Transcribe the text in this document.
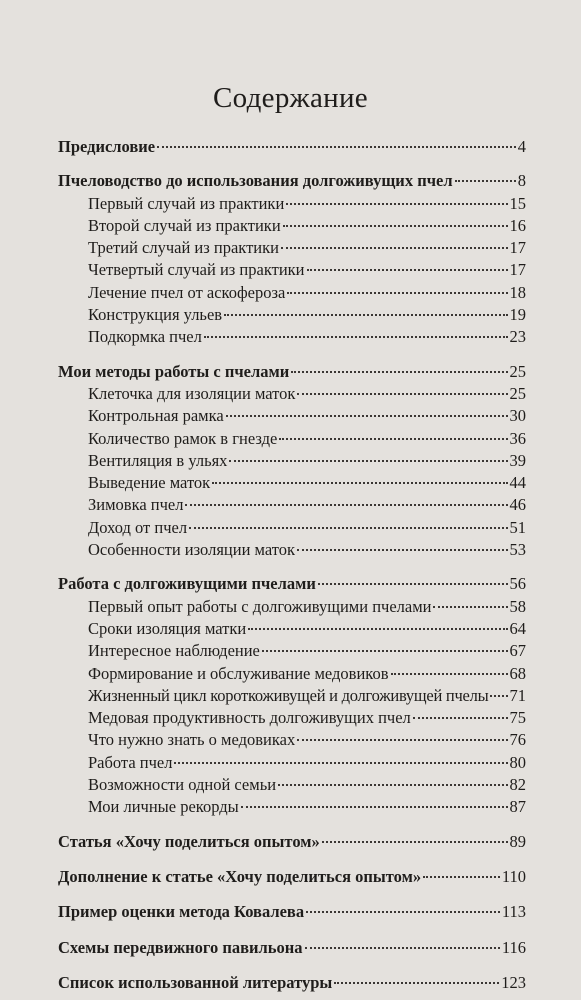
Содержание
Предисловие	4
Пчеловодство до использования долгоживущих пчел	8
Первый случай из практики	15
Второй случай из практики	16
Третий случай из практики	17
Четвертый случай из практики	17
Лечение пчел от аскофероза	18
Конструкция ульев	19
Подкормка пчел	23
Мои методы работы с пчелами	25
Клеточка для изоляции маток	25
Контрольная рамка	30
Количество рамок в гнезде	36
Вентиляция в ульях	39
Выведение маток	44
Зимовка пчел	46
Доход от пчел	51
Особенности изоляции маток	53
Работа с долгоживущими пчелами	56
Первый опыт работы с долгоживущими пчелами	58
Сроки изоляция матки	64
Интересное наблюдение	67
Формирование и обслуживание медовиков	68
Жизненный цикл короткоживущей и долгоживущей пчелы 71
Медовая продуктивность долгоживущих пчел	75
Что нужно знать о медовиках	76
Работа пчел	80
Возможности одной семьи	82
Мои личные рекорды	87
Статья «Хочу поделиться опытом»	89
Дополнение к статье «Хочу поделиться опытом»	110
Пример оценки метода Ковалева	113
Схемы передвижного павильона	116
Список использованной литературы	123
